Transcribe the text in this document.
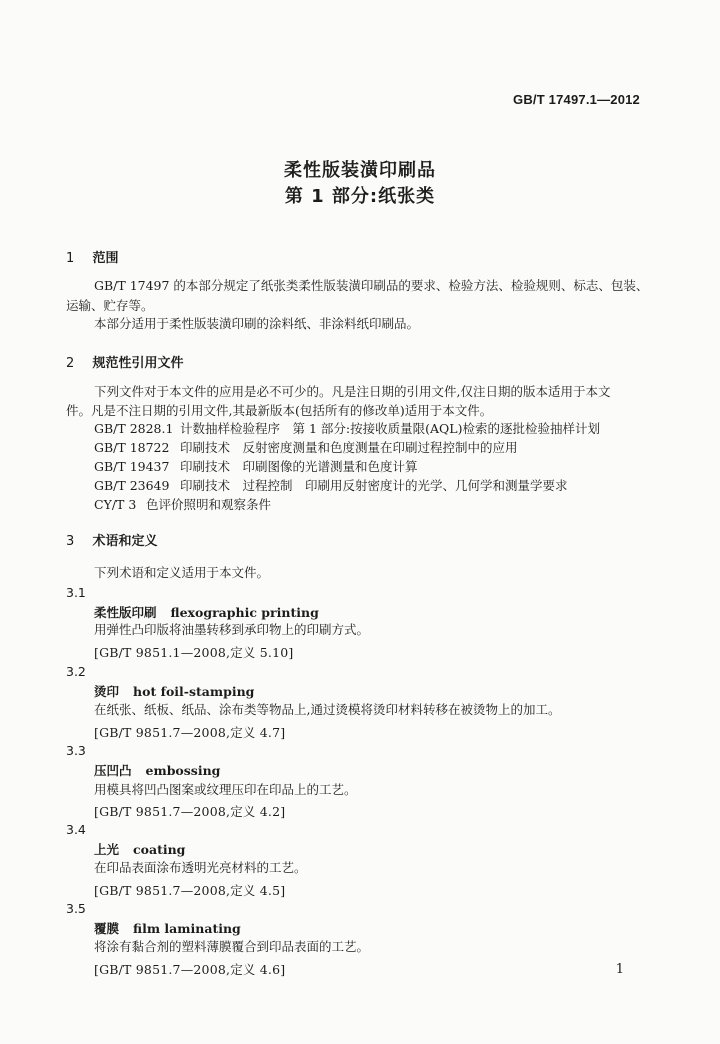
GB/T 17497.1—2012
柔性版装潢印刷品
第 1 部分:纸张类
1 范围
GB/T 17497 的本部分规定了纸张类柔性版装潢印刷品的要求、检验方法、检验规则、标志、包装、
运输、贮存等。
本部分适用于柔性版装潢印刷的涂料纸、非涂料纸印刷品。
2 规范性引用文件
下列文件对于本文件的应用是必不可少的。凡是注日期的引用文件,仅注日期的版本适用于本文
件。凡是不注日期的引用文件,其最新版本(包括所有的修改单)适用于本文件。
GB/T 2828.1 计数抽样检验程序　第 1 部分:按接收质量限(AQL)检索的逐批检验抽样计划
GB/T 18722 印刷技术　反射密度测量和色度测量在印刷过程控制中的应用
GB/T 19437 印刷技术　印刷图像的光谱测量和色度计算
GB/T 23649 印刷技术　过程控制　印刷用反射密度计的光学、几何学和测量学要求
CY/T 3 色评价照明和观察条件
3 术语和定义
下列术语和定义适用于本文件。
3.1
柔性版印刷 flexographic printing
用弹性凸印版将油墨转移到承印物上的印刷方式。
[GB/T 9851.1—2008,定义 5.10]
3.2
烫印 hot foil-stamping
在纸张、纸板、纸品、涂布类等物品上,通过烫模将烫印材料转移在被烫物上的加工。
[GB/T 9851.7—2008,定义 4.7]
3.3
压凹凸 embossing
用模具将凹凸图案或纹理压印在印品上的工艺。
[GB/T 9851.7—2008,定义 4.2]
3.4
上光 coating
在印品表面涂布透明光亮材料的工艺。
[GB/T 9851.7—2008,定义 4.5]
3.5
覆膜 film laminating
将涂有黏合剂的塑料薄膜覆合到印品表面的工艺。
[GB/T 9851.7—2008,定义 4.6]	1
